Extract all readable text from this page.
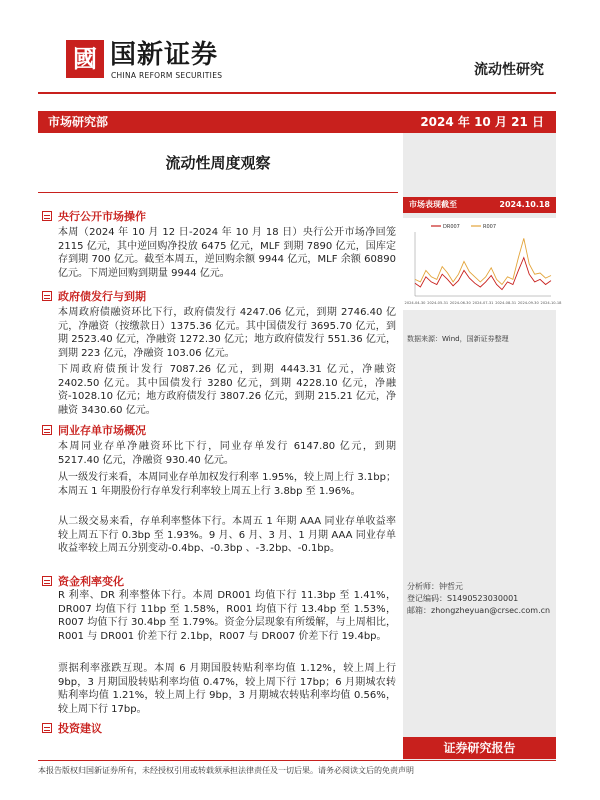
國 国新证券
CHINA REFORM SECURITIES	流动性研究
市场研究部	2024 年 10 月 21 日
流动性周度观察
央行公开市场操作
本周（2024 年 10 月 12 日-2024 年 10 月 18 日）央行公开市场净回笼 2115 亿元，其中逆回购净投放 6475 亿元，MLF 到期 7890 亿元，国库定存到期 700 亿元。截至本周五，逆回购余额 9944 亿元，MLF 余额 60890 亿元。下周逆回购到期量 9944 亿元。
政府债发行与到期
本周政府债融资环比下行，政府债发行 4247.06 亿元，到期 2746.40 亿元，净融资（按缴款日）1375.36 亿元。其中国债发行 3695.70 亿元，到期 2523.40 亿元，净融资 1272.30 亿元；地方政府债发行 551.36 亿元，到期 223 亿元，净融资 103.06 亿元。
下周政府债预计发行 7087.26 亿元，到期 4443.31 亿元，净融资 2402.50 亿元。其中国债发行 3280 亿元，到期 4228.10 亿元，净融资-1028.10 亿元；地方政府债发行 3807.26 亿元，到期 215.21 亿元，净融资 3430.60 亿元。
同业存单市场概况
本周同业存单净融资环比下行，同业存单发行 6147.80 亿元，到期 5217.40 亿元，净融资 930.40 亿元。
从一级发行来看，本周同业存单加权发行利率 1.95%，较上周上行 3.1bp；本周五 1 年期股份行存单发行利率较上周五上行 3.8bp 至 1.96%。
从二级交易来看，存单利率整体下行。本周五 1 年期 AAA 同业存单收益率较上周五下行 0.3bp 至 1.93%。9 月、6 月、3 月、1 月期 AAA 同业存单收益率较上周五分别变动-0.4bp、-0.3bp 、-3.2bp、-0.1bp。
资金利率变化
R 利率、DR 利率整体下行。本周 DR001 均值下行 11.3bp 至 1.41%，DR007 均值下行 11bp 至 1.58%，R001 均值下行 13.4bp 至 1.53%，R007 均值下行 30.4bp 至 1.79%。资金分层现象有所缓解，与上周相比，R001 与 DR001 价差下行 2.1bp，R007 与 DR007 价差下行 19.4bp。
票据利率涨跌互现。本周 6 月期国股转贴利率均值 1.12%，较上周上行 9bp，3 月期国股转贴利率均值 0.47%，较上周下行 17bp；6 月期城农转贴利率均值 1.21%，较上周上行 9bp，3 月期城农转贴利率均值 0.56%，较上周下行 17bp。
投资建议
市场表现截至	2024.10.18
DR007	R007
2024-04-30 2024-05-31 2024-06-30 2024-07-31 2024-08-31 2024-09-30 2024-10-18
数据来源：Wind，国新证券整理
分析师：钟哲元
登记编码：S1490523030001
邮箱：zhongzheyuan@crsec.com.cn
证券研究报告
本报告版权归国新证券所有，未经授权引用或转载须承担法律责任及一切后果。请务必阅读文后的免责声明
